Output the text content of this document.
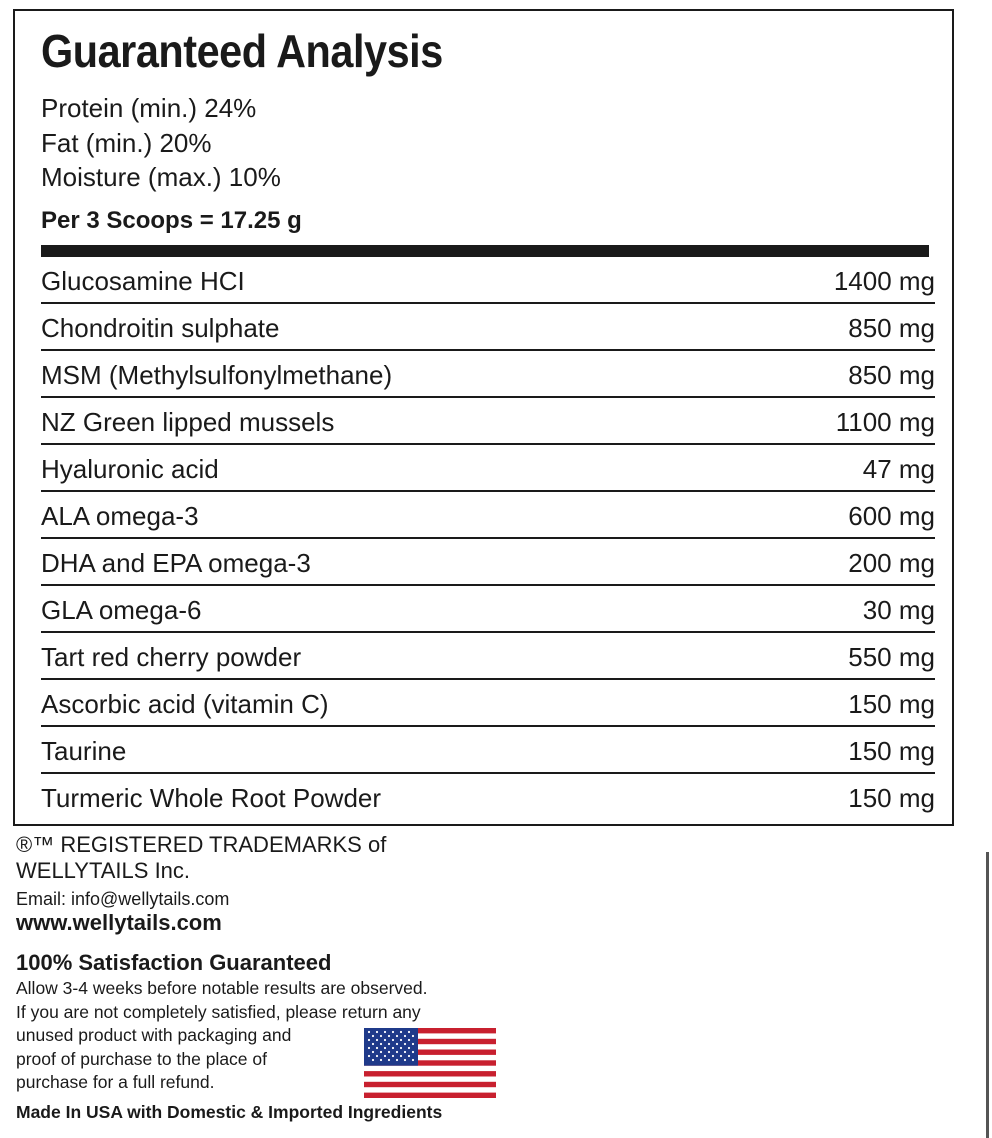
Guaranteed Analysis
Protein (min.) 24%
Fat (min.) 20%
Moisture (max.) 10%
Per 3 Scoops = 17.25 g
Glucosamine HCI	1400 mg
Chondroitin sulphate	850 mg
MSM (Methylsulfonylmethane)	850 mg
NZ Green lipped mussels	1100 mg
Hyaluronic acid	47 mg
ALA omega-3	600 mg
DHA and EPA omega-3	200 mg
GLA omega-6	30 mg
Tart red cherry powder	550 mg
Ascorbic acid (vitamin C)	150 mg
Taurine	150 mg
Turmeric Whole Root Powder	150 mg
®™ REGISTERED TRADEMARKS of
WELLYTAILS Inc.
Email: info@wellytails.com
www.wellytails.com
100% Satisfaction Guaranteed
Allow 3-4 weeks before notable results are observed.
If you are not completely satisfied, please return any
unused product with packaging and
proof of purchase to the place of
purchase for a full refund.
Made In USA with Domestic & Imported Ingredients
